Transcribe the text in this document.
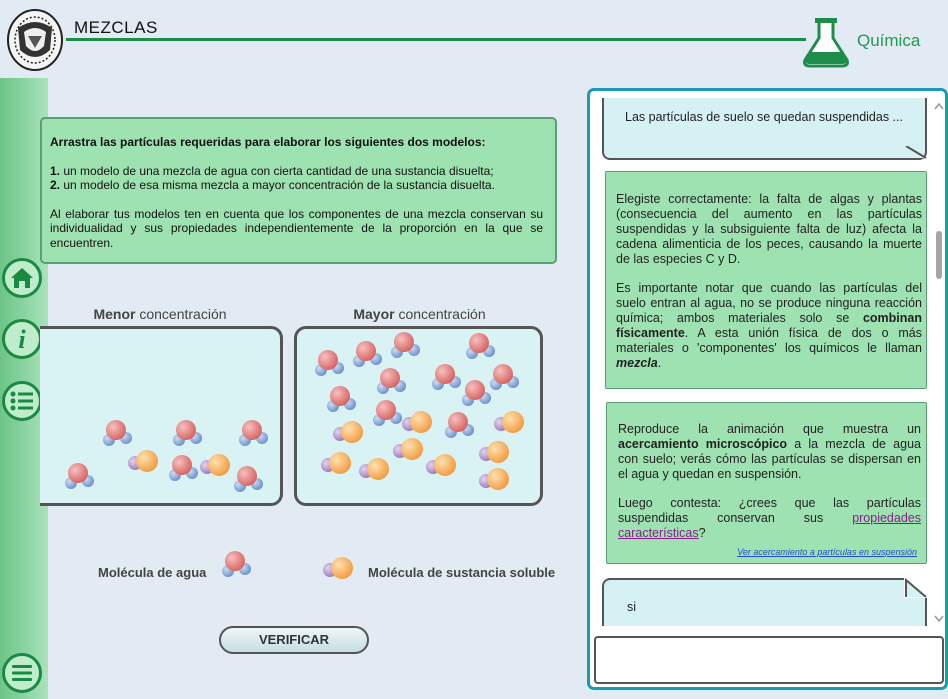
MEZCLAS
Química
i

Arrastra las partículas requeridas para elaborar los siguientes dos modelos:

1. un modelo de una mezcla de agua con cierta cantidad de una sustancia disuelta;
2. un modelo de esa misma mezcla a mayor concentración de la sustancia disuelta.

Al elaborar tus modelos ten en cuenta que los componentes de una mezcla conservan su individualidad y sus propiedades independientemente de la proporción en la que se encuentren.

Menor concentración	Mayor concentración
Molécula de agua	Molécula de sustancia soluble
VERIFICAR
Las partículas de suelo se quedan suspendidas ...

Elegiste correctamente: la falta de algas y plantas (consecuencia del aumento en las partículas suspendidas y la subsiguiente falta de luz) afecta la cadena alimenticia de los peces, causando la muerte de las especies C y D.

Es importante notar que cuando las partículas del suelo entran al agua, no se produce ninguna reacción química; ambos materiales solo se combinan físicamente. A esta unión física de dos o más materiales o 'componentes' los químicos le llaman mezcla.

Reproduce la animación que muestra un acercamiento microscópico a la mezcla de agua con suelo; verás cómo las partículas se dispersan en el agua y quedan en suspensión.

Luego contesta: ¿crees que las partículas suspendidas conservan sus propiedades características?

Ver acercamiento a partículas en suspensión
si
